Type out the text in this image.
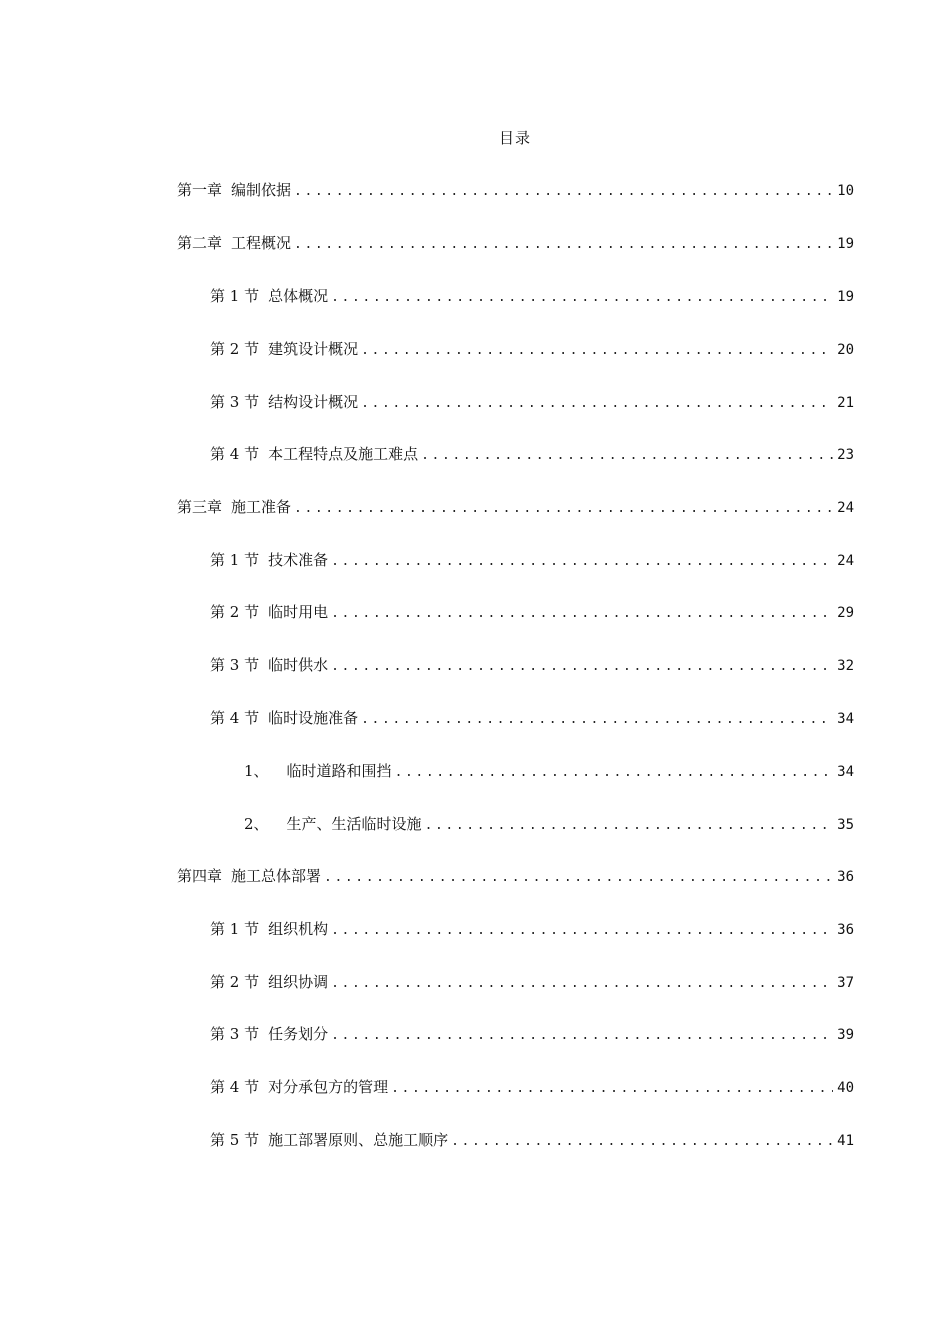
目录
第一章 编制依据 .....	10
第二章 工程概况 .....	19
第 1 节 总体概况 .....	19
第 2 节 建筑设计概况 .....	20
第 3 节 结构设计概况 .....	21
第 4 节 本工程特点及施工难点 .....	23
第三章 施工准备 .....	24
第 1 节 技术准备 .....	24
第 2 节 临时用电 .....	29
第 3 节 临时供水 .....	32
第 4 节 临时设施准备 .....	34
1、 临时道路和围挡 .....	34
2、 生产、生活临时设施 .....	35
第四章 施工总体部署 .....	36
第 1 节 组织机构 .....	36
第 2 节 组织协调 .....	37
第 3 节 任务划分 .....	39
第 4 节 对分承包方的管理 .....	40
第 5 节 施工部署原则、总施工顺序 .....	41
